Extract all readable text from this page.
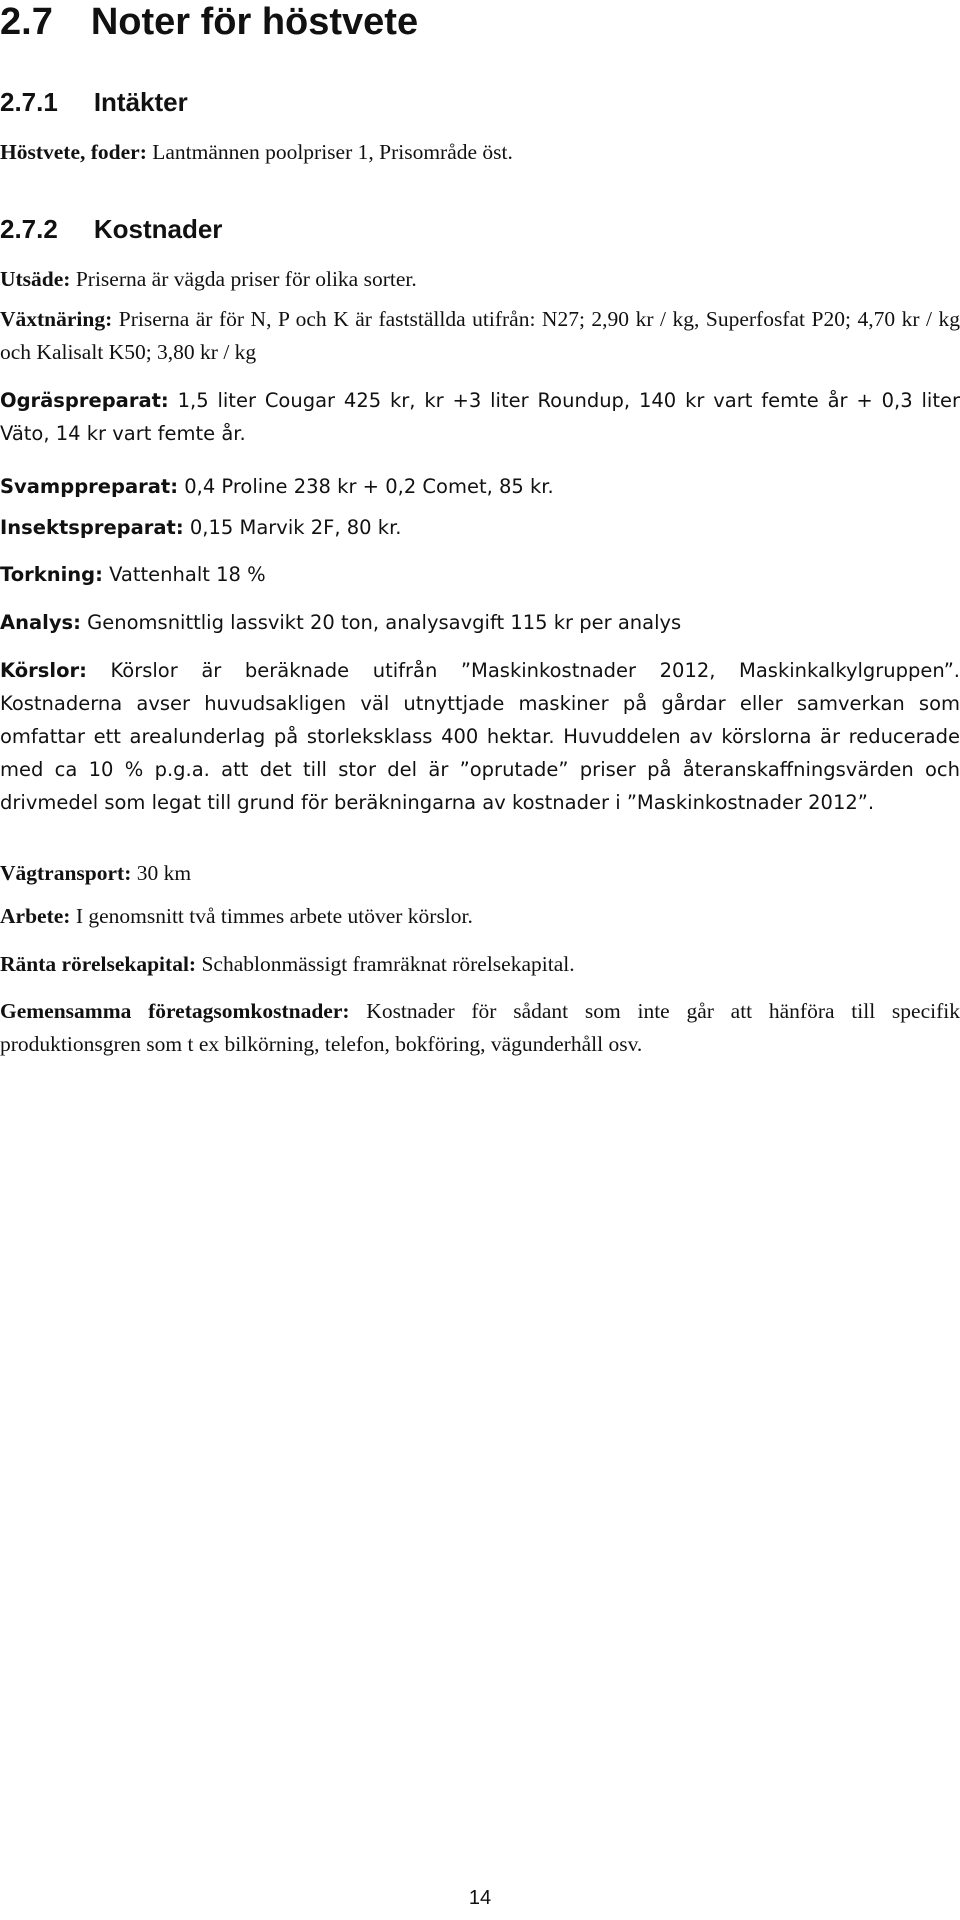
2.7 Noter för höstvete
2.7.1 Intäkter

Höstvete, foder: Lantmännen poolpriser 1, Prisområde öst.

2.7.2 Kostnader

Utsäde: Priserna är vägda priser för olika sorter.

Växtnäring: Priserna är för N, P och K är fastställda utifrån: N27; 2,90 kr / kg, Superfosfat P20; 4,70 kr / kg och Kalisalt K50; 3,80 kr / kg

Ogräspreparat: 1,5 liter Cougar 425 kr, kr +3 liter Roundup, 140 kr vart femte år + 0,3 liter Väto, 14 kr vart femte år.

Svamppreparat: 0,4 Proline 238 kr + 0,2 Comet, 85 kr.

Insektspreparat: 0,15 Marvik 2F, 80 kr.

Torkning: Vattenhalt 18 %

Analys: Genomsnittlig lassvikt 20 ton, analysavgift 115 kr per analys

Körslor: Körslor är beräknade utifrån ”Maskinkostnader 2012, Maskinkalkylgruppen”. Kostnaderna avser huvudsakligen väl utnyttjade maskiner på gårdar eller samverkan som omfattar ett arealunderlag på storleksklass 400 hektar. Huvuddelen av körslorna är reducerade med ca 10 % p.g.a. att det till stor del är ”oprutade” priser på återanskaffningsvärden och drivmedel som legat till grund för beräkningarna av kostnader i ”Maskinkostnader 2012”.

Vägtransport: 30 km

Arbete: I genomsnitt två timmes arbete utöver körslor.

Ränta rörelsekapital: Schablonmässigt framräknat rörelsekapital.

Gemensamma företagsomkostnader: Kostnader för sådant som inte går att hänföra till specifik produktionsgren som t ex bilkörning, telefon, bokföring, vägunderhåll osv.

14
